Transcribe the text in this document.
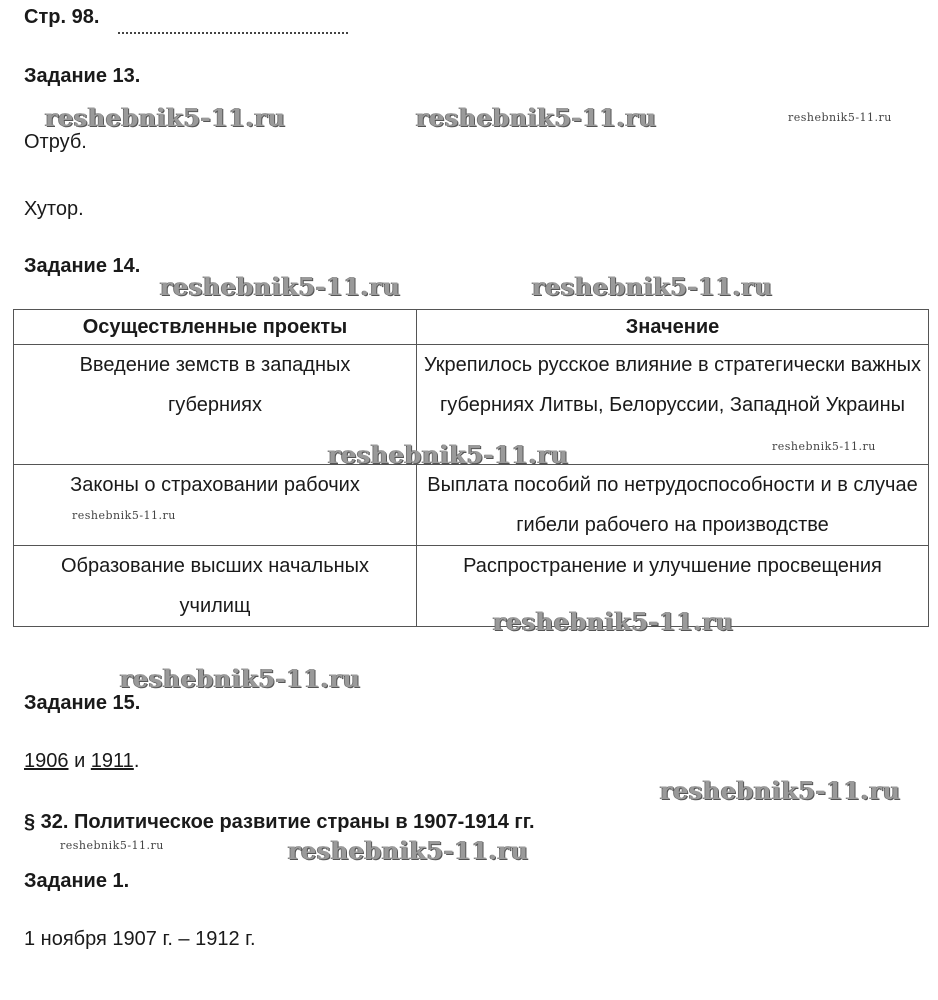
Стр. 98.
Задание 13.
reshebnik5-11.ru	reshebnik5-11.ru	reshebnik5-11.ru
Отруб.
Хутор.
Задание 14.
reshebnik5-11.ru	reshebnik5-11.ru
Осуществленные проекты	Значение
Введение земств в западных губерниях	Укрепилось русское влияние в стратегически важных губерниях Литвы, Белоруссии, Западной Украины
Законы о страховании рабочих	Выплата пособий по нетрудоспособности и в случае гибели рабочего на производстве
Образование высших начальных училищ	Распространение и улучшение просвещения
reshebnik5-11.ru	reshebnik5-11.ru
reshebnik5-11.ru
reshebnik5-11.ru
reshebnik5-11.ru
Задание 15.
1906 и 1911.
reshebnik5-11.ru
§ 32. Политическое развитие страны в 1907-1914 гг.
reshebnik5-11.ru	reshebnik5-11.ru
Задание 1.
1 ноября 1907 г. – 1912 г.
